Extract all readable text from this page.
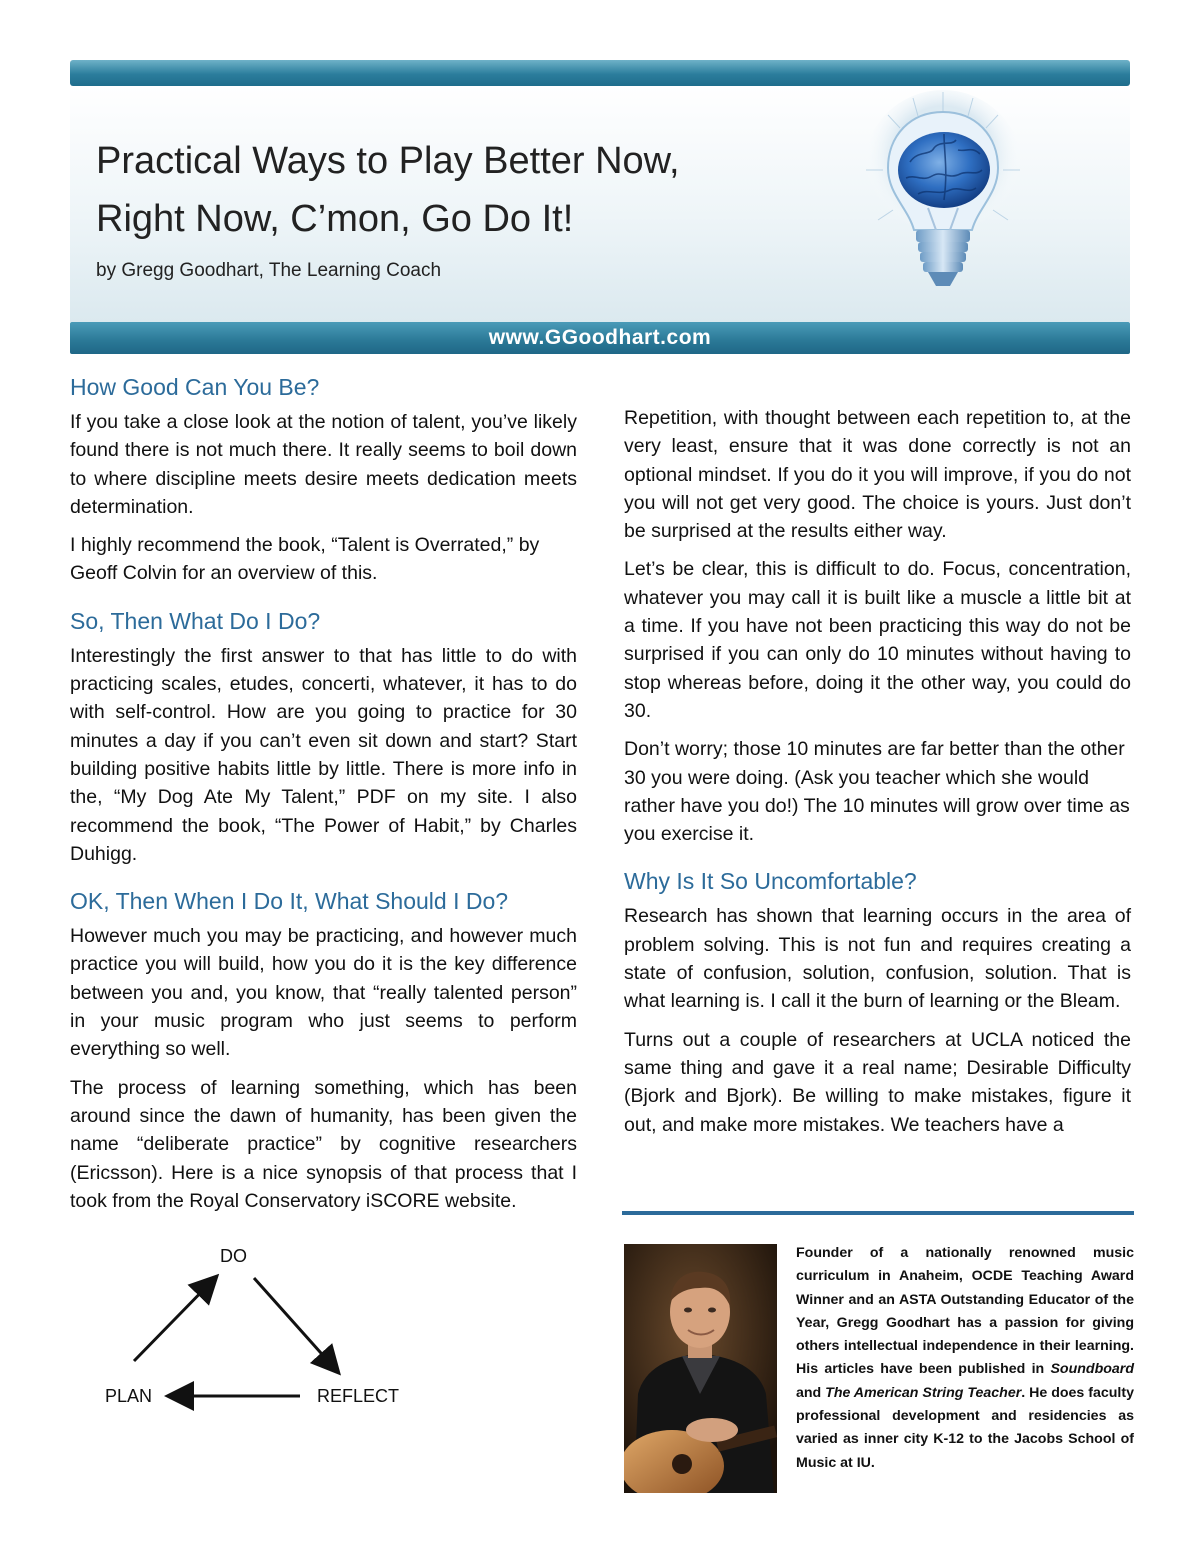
Practical Ways to Play Better Now,
Right Now, C’mon, Go Do It!
by Gregg Goodhart, The Learning Coach
www.GGoodhart.com
How Good Can You Be?

If you take a close look at the notion of talent, you’ve likely found there is not much there. It really seems to boil down to where discipline meets desire meets dedication meets determination.

I highly recommend the book, “Talent is Overrated,” by Geoff Colvin for an overview of this.

So, Then What Do I Do?

Interestingly the first answer to that has little to do with practicing scales, etudes, concerti, whatever, it has to do with self-control. How are you going to practice for 30 minutes a day if you can’t even sit down and start? Start building positive habits little by little. There is more info in the, “My Dog Ate My Talent,” PDF on my site. I also recommend the book, “The Power of Habit,” by Charles Duhigg.

OK, Then When I Do It, What Should I Do?

However much you may be practicing, and however much practice you will build, how you do it is the key difference between you and, you know, that “really talented person” in your music program who just seems to perform everything so well.

The process of learning something, which has been around since the dawn of humanity, has been given the name “deliberate practice” by cognitive researchers (Ericsson). Here is a nice synopsis of that process that I took from the Royal Conservatory iSCORE website.

DO
REFLECT
PLAN

Repetition, with thought between each repetition to, at the very least, ensure that it was done correctly is not an optional mindset. If you do it you will improve, if you do not you will not get very good. The choice is yours. Just don’t be surprised at the results either way.

Let’s be clear, this is difficult to do. Focus, concentration, whatever you may call it is built like a muscle a little bit at a time. If you have not been practicing this way do not be surprised if you can only do 10 minutes without having to stop whereas before, doing it the other way, you could do 30.

Don’t worry; those 10 minutes are far better than the other 30 you were doing. (Ask you teacher which she would rather have you do!) The 10 minutes will grow over time as you exercise it.

Why Is It So Uncomfortable?

Research has shown that learning occurs in the area of problem solving. This is not fun and requires creating a state of confusion, solution, confusion, solution. That is what learning is. I call it the burn of learning or the Bleam.

Turns out a couple of researchers at UCLA noticed the same thing and gave it a real name; Desirable Difficulty (Bjork and Bjork). Be willing to make mistakes, figure it out, and make more mistakes. We teachers have a

Founder of a nationally renowned music curriculum in Anaheim, OCDE Teaching Award Winner and an ASTA Outstanding Educator of the Year, Gregg Goodhart has a passion for giving others intellectual independence in their learning. His articles have been published in Soundboard and The American String Teacher. He does faculty professional development and residencies as varied as inner city K-12 to the Jacobs School of Music at IU.
